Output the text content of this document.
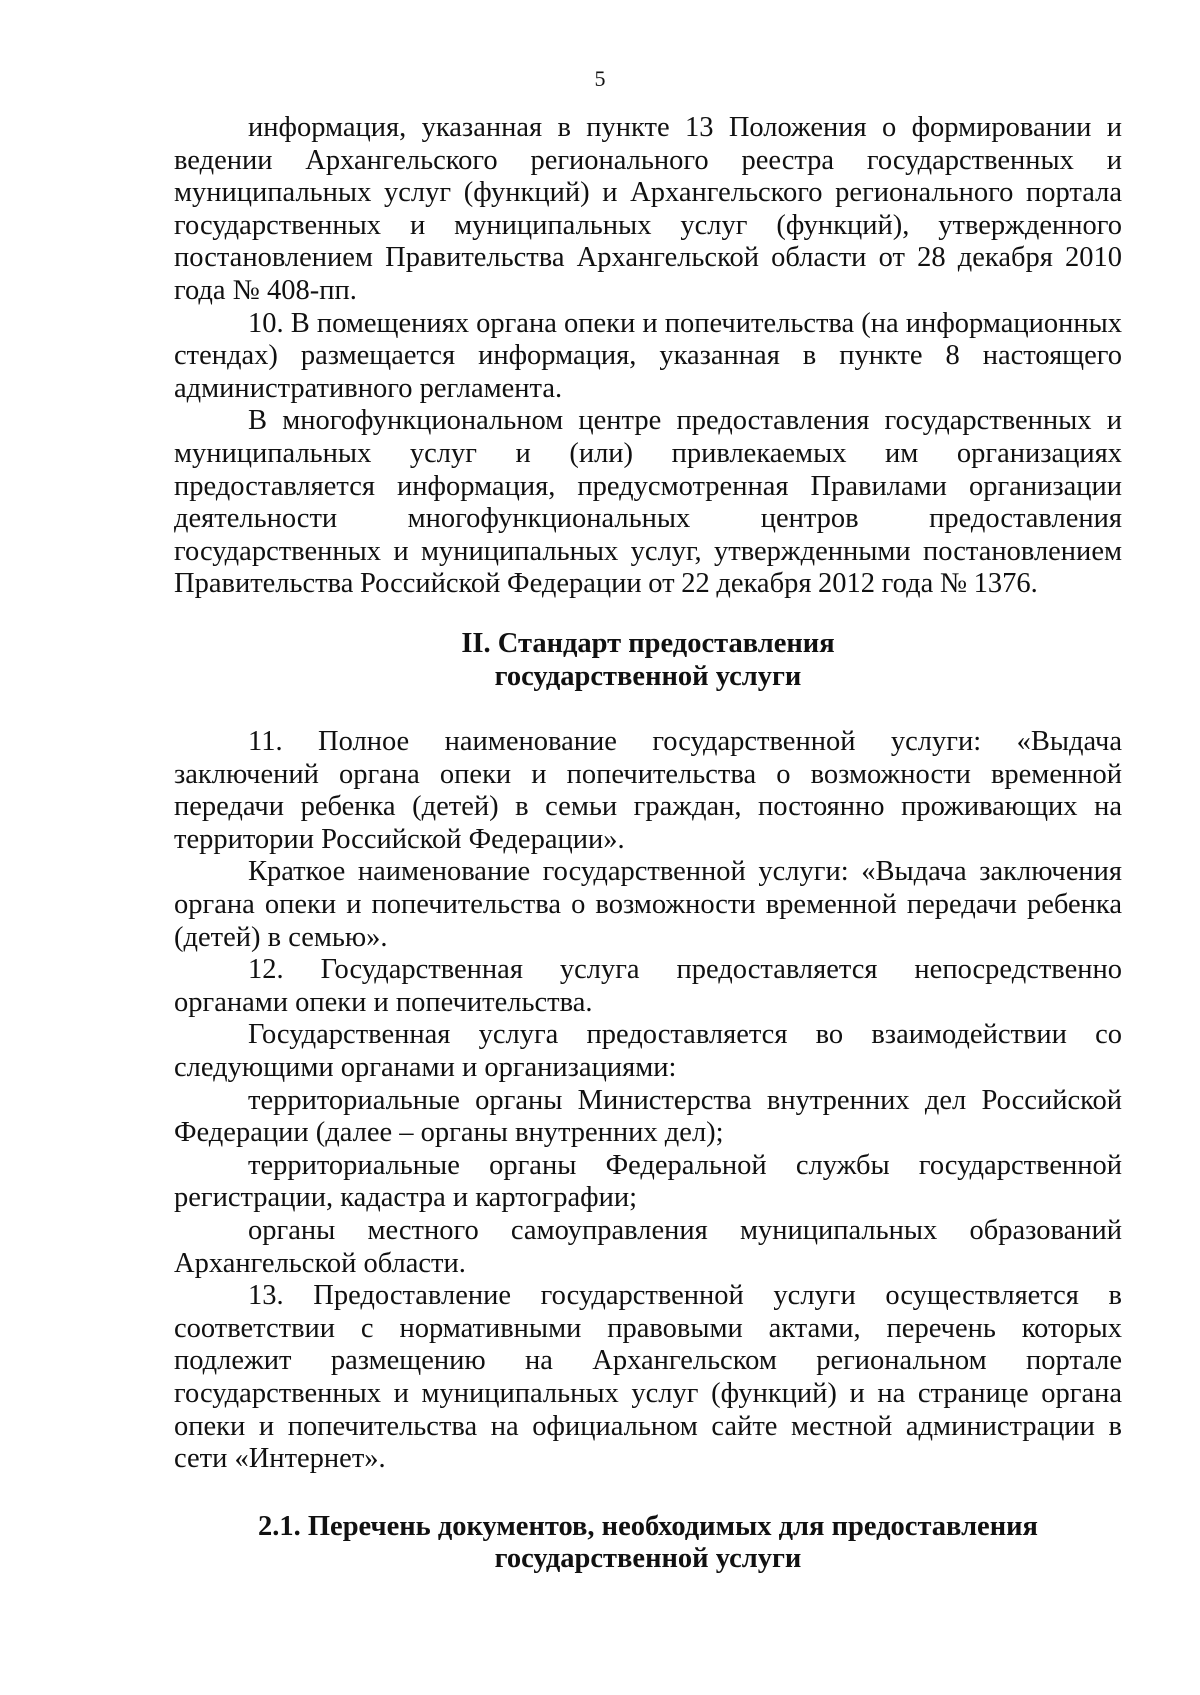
5

информация, указанная в пункте 13 Положения о формировании и ведении Архангельского регионального реестра государственных и муниципальных услуг (функций) и Архангельского регионального портала государственных и муниципальных услуг (функций), утвержденного постановлением Правительства Архангельской области от 28 декабря 2010 года № 408-пп.

10. В помещениях органа опеки и попечительства (на информационных стендах) размещается информация, указанная в пункте 8 настоящего административного регламента.

В многофункциональном центре предоставления государственных и муниципальных услуг и (или) привлекаемых им организациях предоставляется информация, предусмотренная Правилами организации деятельности многофункциональных центров предоставления государственных и муниципальных услуг, утвержденными постановлением Правительства Российской Федерации от 22 декабря 2012 года № 1376.

II. Стандарт предоставления
государственной услуги

11. Полное наименование государственной услуги: «Выдача заключений органа опеки и попечительства о возможности временной передачи ребенка (детей) в семьи граждан, постоянно проживающих на территории Российской Федерации».

Краткое наименование государственной услуги: «Выдача заключения органа опеки и попечительства о возможности временной передачи ребенка (детей) в семью».

12. Государственная услуга предоставляется непосредственно органами опеки и попечительства.

Государственная услуга предоставляется во взаимодействии со следующими органами и организациями:

территориальные органы Министерства внутренних дел Российской Федерации (далее – органы внутренних дел);

территориальные органы Федеральной службы государственной регистрации, кадастра и картографии;

органы местного самоуправления муниципальных образований Архангельской области.

13. Предоставление государственной услуги осуществляется в соответствии с нормативными правовыми актами, перечень которых подлежит размещению на Архангельском региональном портале государственных и муниципальных услуг (функций) и на странице органа опеки и попечительства на официальном сайте местной администрации в сети «Интернет».

2.1. Перечень документов, необходимых для предоставления
государственной услуги
